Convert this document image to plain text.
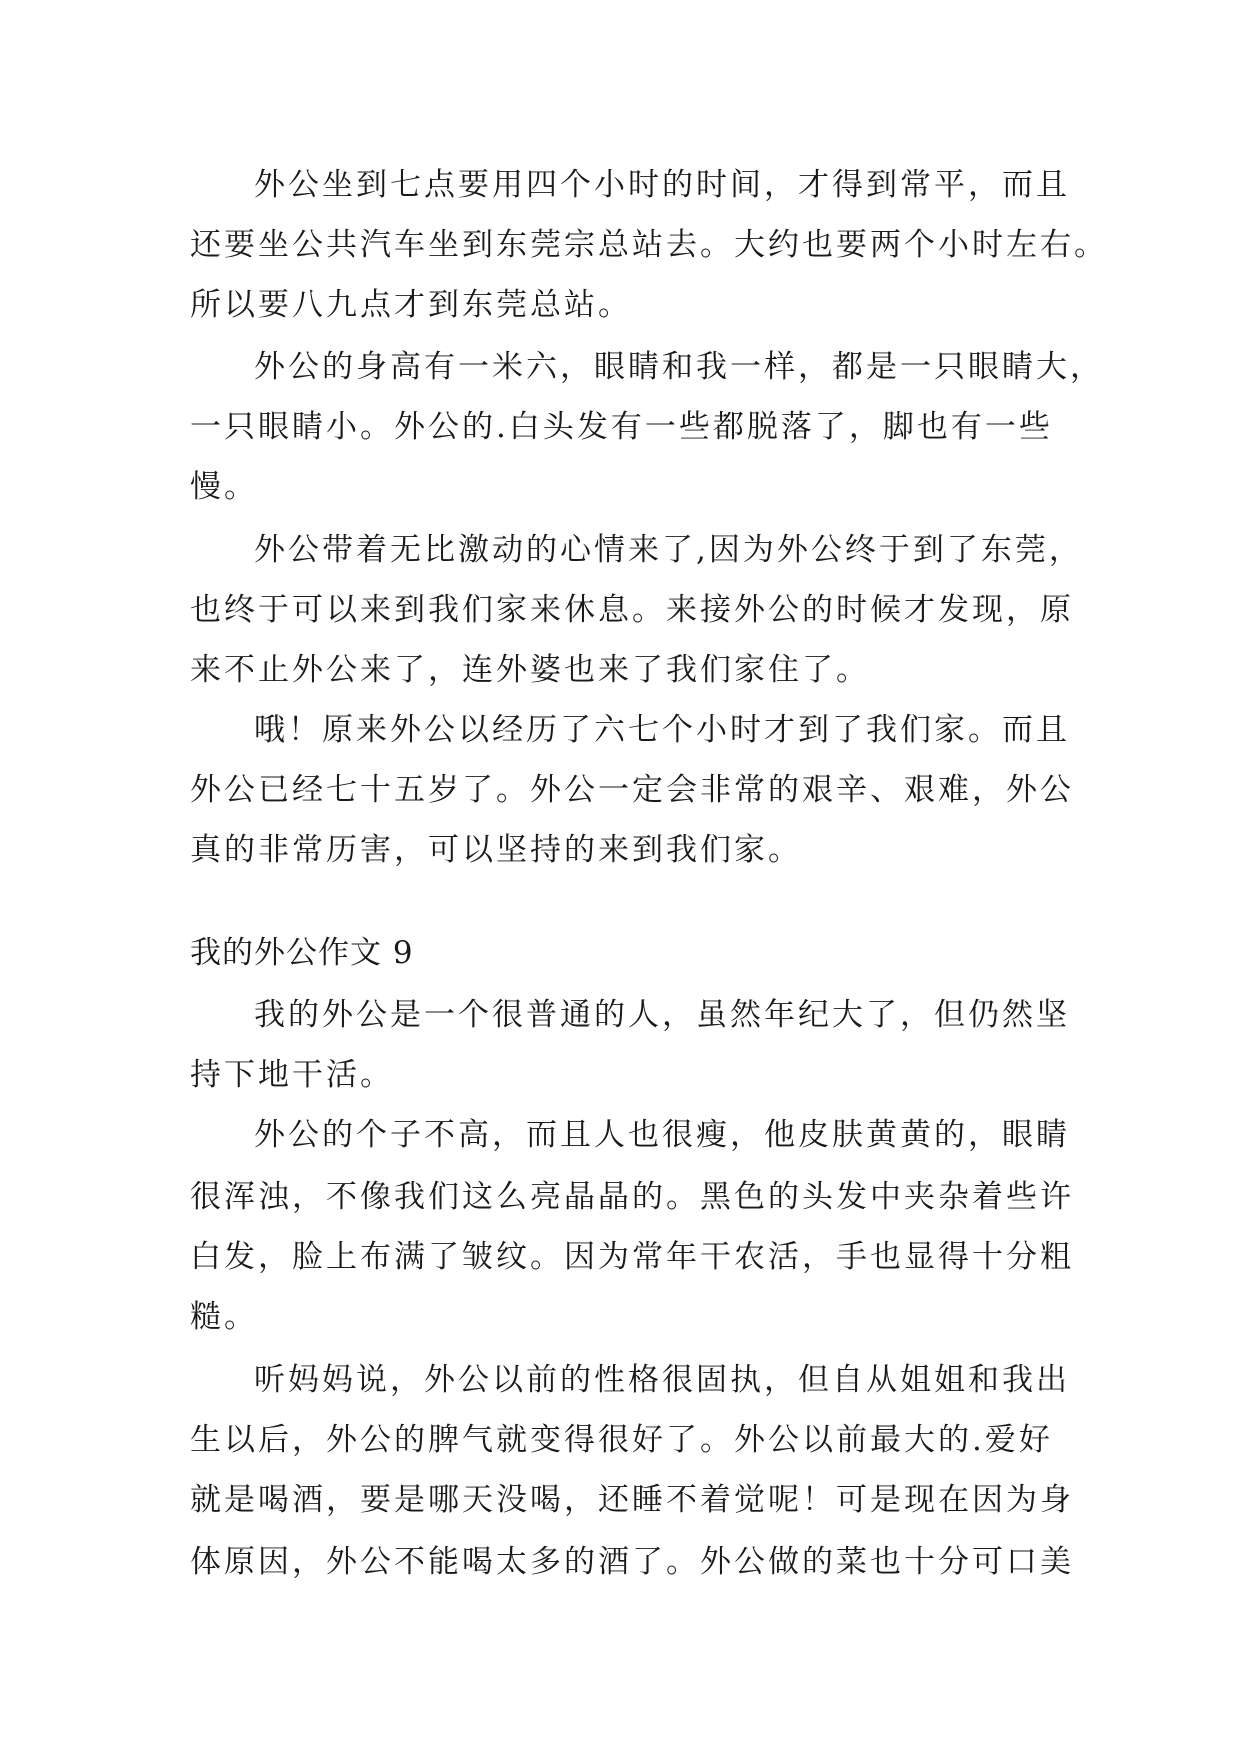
外公坐到七点要用四个小时的时间，才得到常平，而且
还要坐公共汽车坐到东莞宗总站去。大约也要两个小时左右。
所以要八九点才到东莞总站。
外公的身高有一米六，眼睛和我一样，都是一只眼睛大，
一只眼睛小。外公的.白头发有一些都脱落了，脚也有一些
慢。
外公带着无比激动的心情来了,因为外公终于到了东莞，
也终于可以来到我们家来休息。来接外公的时候才发现，原
来不止外公来了，连外婆也来了我们家住了。
哦！原来外公以经历了六七个小时才到了我们家。而且
外公已经七十五岁了。外公一定会非常的艰辛、艰难，外公
真的非常历害，可以坚持的来到我们家。
我的外公作文 9
我的外公是一个很普通的人，虽然年纪大了，但仍然坚
持下地干活。
外公的个子不高，而且人也很瘦，他皮肤黄黄的，眼睛
很浑浊，不像我们这么亮晶晶的。黑色的头发中夹杂着些许
白发，脸上布满了皱纹。因为常年干农活，手也显得十分粗
糙。
听妈妈说，外公以前的性格很固执，但自从姐姐和我出
生以后，外公的脾气就变得很好了。外公以前最大的.爱好
就是喝酒，要是哪天没喝，还睡不着觉呢！可是现在因为身
体原因，外公不能喝太多的酒了。外公做的菜也十分可口美
